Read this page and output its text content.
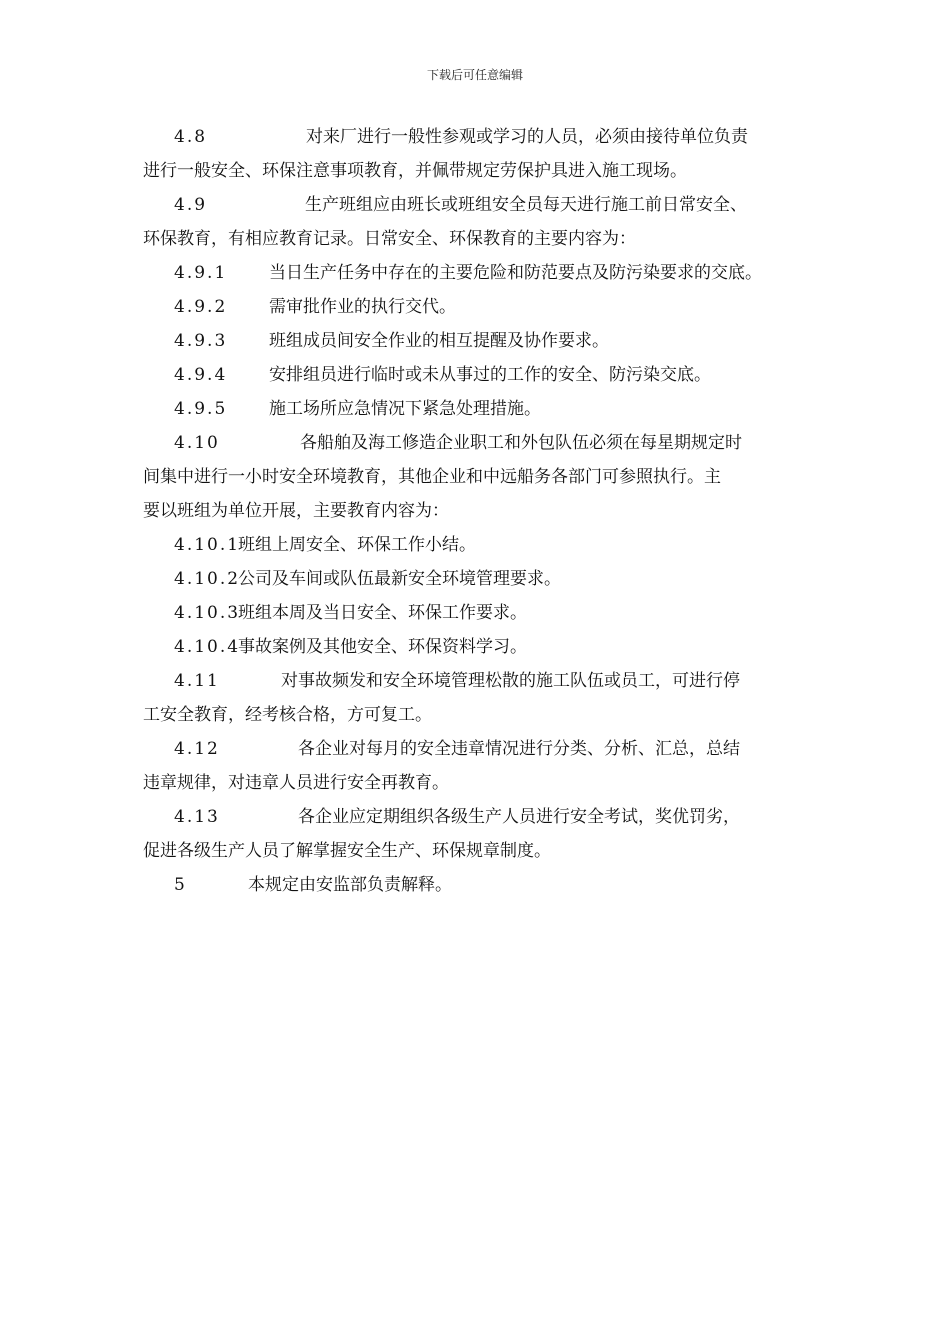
下载后可任意编辑

4.8	对来厂进行一般性参观或学习的人员，必须由接待单位负责

进行一般安全、环保注意事项教育，并佩带规定劳保护具进入施工现场。

4.9	生产班组应由班长或班组安全员每天进行施工前日常安全、

环保教育，有相应教育记录。日常安全、环保教育的主要内容为：

4.9.1 当日生产任务中存在的主要危险和防范要点及防污染要求的交底。

4.9.2 需审批作业的执行交代。

4.9.3 班组成员间安全作业的相互提醒及协作要求。

4.9.4 安排组员进行临时或未从事过的工作的安全、防污染交底。

4.9.5 施工场所应急情况下紧急处理措施。

4.10	各船舶及海工修造企业职工和外包队伍必须在每星期规定时

间集中进行一小时安全环境教育，其他企业和中远船务各部门可参照执行。主

要以班组为单位开展，主要教育内容为：

4.10.1班组上周安全、环保工作小结。

4.10.2公司及车间或队伍最新安全环境管理要求。

4.10.3班组本周及当日安全、环保工作要求。

4.10.4事故案例及其他安全、环保资料学习。

4.11	对事故频发和安全环境管理松散的施工队伍或员工，可进行停

工安全教育，经考核合格，方可复工。

4.12	各企业对每月的安全违章情况进行分类、分析、汇总，总结

违章规律，对违章人员进行安全再教育。

4.13	各企业应定期组织各级生产人员进行安全考试，奖优罚劣，

促进各级生产人员了解掌握安全生产、环保规章制度。

5	本规定由安监部负责解释。
